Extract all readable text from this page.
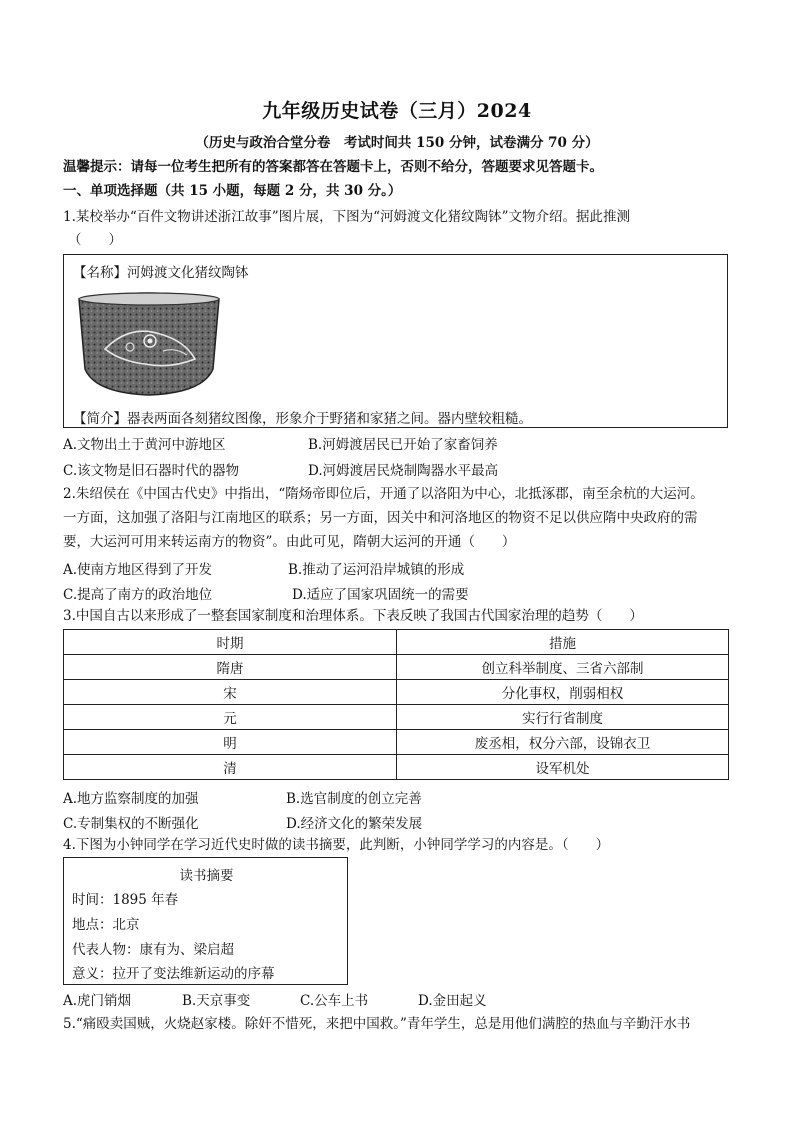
九年级历史试卷（三月）2024
（历史与政治合堂分卷　考试时间共 150 分钟，试卷满分 70 分）
温馨提示：请每一位考生把所有的答案都答在答题卡上，否则不给分，答题要求见答题卡。
一、单项选择题（共 15 小题，每题 2 分，共 30 分。）
1.某校举办“百件文物讲述浙江故事”图片展，下图为“河姆渡文化猪纹陶钵”文物介绍。据此推测
（　　）
【名称】河姆渡文化猪纹陶钵
【简介】器表两面各刻猪纹图像，形象介于野猪和家猪之间。器内壁较粗糙。
A.文物出土于黄河中游地区	B.河姆渡居民已开始了家畜饲养
C.该文物是旧石器时代的器物	D.河姆渡居民烧制陶器水平最高
2.朱绍侯在《中国古代史》中指出，“隋炀帝即位后，开通了以洛阳为中心，北抵涿郡，南至余杭的大运河。
一方面，这加强了洛阳与江南地区的联系；另一方面，因关中和河洛地区的物资不足以供应隋中央政府的需
要，大运河可用来转运南方的物资”。由此可见，隋朝大运河的开通（　　）
A.使南方地区得到了开发	B.推动了运河沿岸城镇的形成
C.提高了南方的政治地位	D.适应了国家巩固统一的需要
3.中国自古以来形成了一整套国家制度和治理体系。下表反映了我国古代国家治理的趋势（　　）
时期	措施
隋唐	创立科举制度、三省六部制
宋	分化事权，削弱相权
元	实行行省制度
明	废丞相，权分六部，设锦衣卫
清	设军机处
A.地方监察制度的加强	B.选官制度的创立完善
C.专制集权的不断强化	D.经济文化的繁荣发展
4.下图为小钟同学在学习近代史时做的读书摘要，此判断，小钟同学学习的内容是。（　　）
读书摘要
时间：1895 年春
地点：北京
代表人物：康有为、梁启超
意义：拉开了变法维新运动的序幕
A.虎门销烟	B.天京事变	C.公车上书	D.金田起义
5.“痛殴卖国贼，火烧赵家楼。除奸不惜死，来把中国救。”青年学生，总是用他们满腔的热血与辛勤汗水书
